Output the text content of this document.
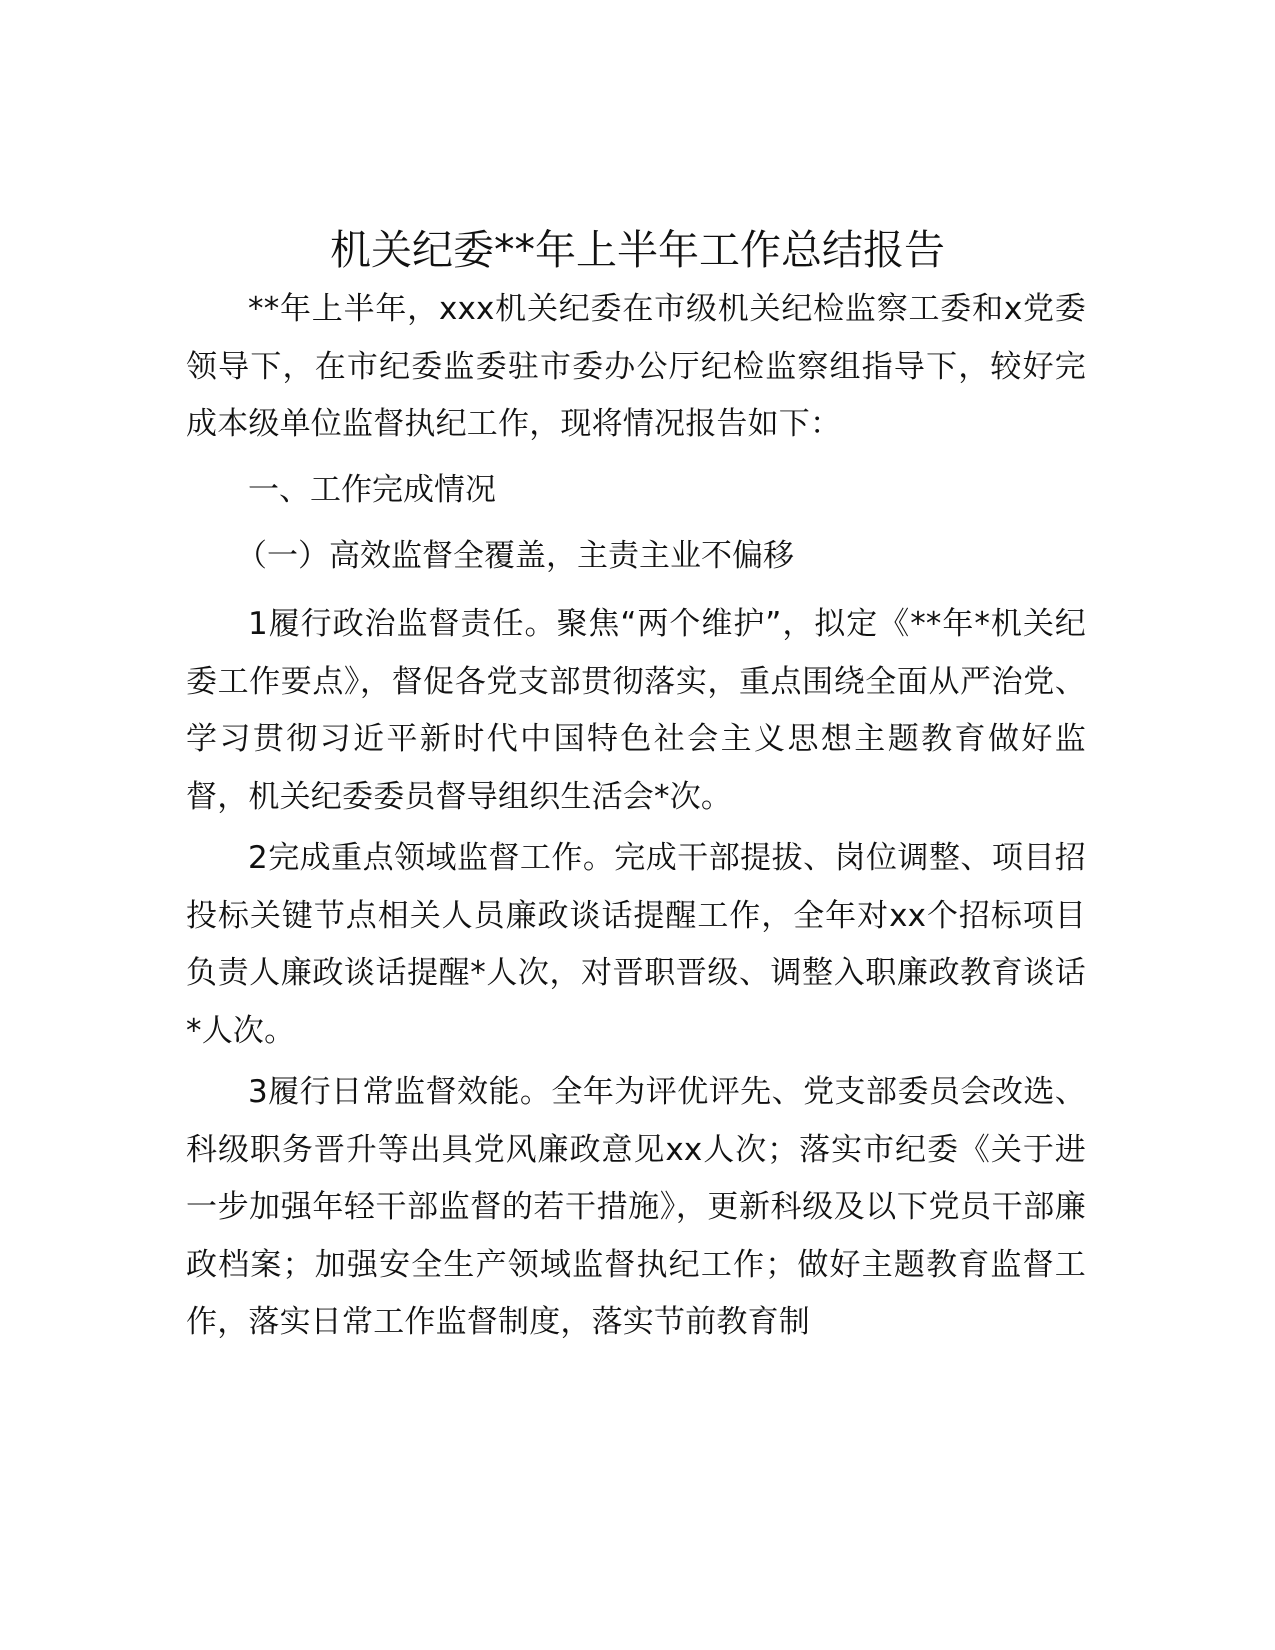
机关纪委**年上半年工作总结报告

**年上半年，xxx机关纪委在市级机关纪检监察工委和x党委领导下，在市纪委监委驻市委办公厅纪检监察组指导下，较好完成本级单位监督执纪工作，现将情况报告如下：

一、工作完成情况

（一）高效监督全覆盖，主责主业不偏移

1履行政治监督责任。聚焦“两个维护”，拟定《**年*机关纪委工作要点》，督促各党支部贯彻落实，重点围绕全面从严治党、学习贯彻习近平新时代中国特色社会主义思想主题教育做好监督，机关纪委委员督导组织生活会*次。

2完成重点领域监督工作。完成干部提拔、岗位调整、项目招投标关键节点相关人员廉政谈话提醒工作，全年对xx个招标项目负责人廉政谈话提醒*人次，对晋职晋级、调整入职廉政教育谈话*人次。

3履行日常监督效能。全年为评优评先、党支部委员会改选、科级职务晋升等出具党风廉政意见xx人次；落实市纪委《关于进一步加强年轻干部监督的若干措施》，更新科级及以下党员干部廉政档案；加强安全生产领域监督执纪工作；做好主题教育监督工作，落实日常工作监督制度，落实节前教育制
